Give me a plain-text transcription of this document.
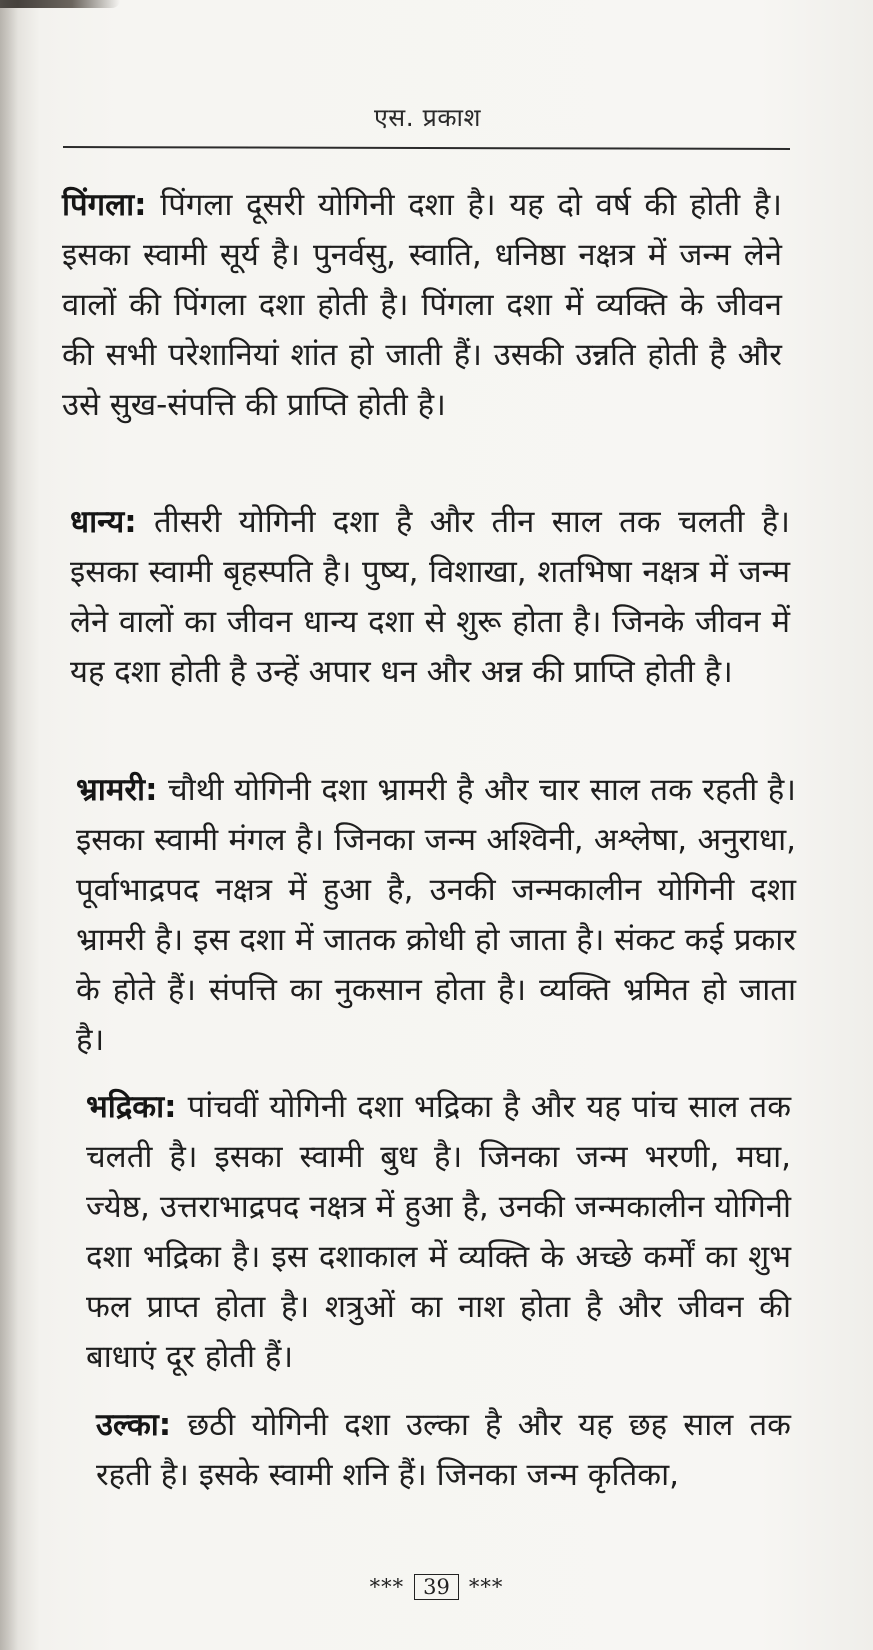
एस. प्रकाश

पिंगला: पिंगला दूसरी योगिनी दशा है। यह दो वर्ष की होती है। इसका स्वामी सूर्य है। पुनर्वसु, स्वाति, धनिष्ठा नक्षत्र में जन्म लेने वालों की पिंगला दशा होती है। पिंगला दशा में व्यक्ति के जीवन की सभी परेशानियां शांत हो जाती हैं। उसकी उन्नति होती है और उसे सुख-संपत्ति की प्राप्ति होती है।

धान्य: तीसरी योगिनी दशा है और तीन साल तक चलती है। इसका स्वामी बृहस्पति है। पुष्य, विशाखा, शतभिषा नक्षत्र में जन्म लेने वालों का जीवन धान्य दशा से शुरू होता है। जिनके जीवन में यह दशा होती है उन्हें अपार धन और अन्न की प्राप्ति होती है।

भ्रामरी: चौथी योगिनी दशा भ्रामरी है और चार साल तक रहती है। इसका स्वामी मंगल है। जिनका जन्म अश्विनी, अश्लेषा, अनुराधा, पूर्वाभाद्रपद नक्षत्र में हुआ है, उनकी जन्मकालीन योगिनी दशा भ्रामरी है। इस दशा में जातक क्रोधी हो जाता है। संकट कई प्रकार के होते हैं। संपत्ति का नुकसान होता है। व्यक्ति भ्रमित हो जाता है।

भद्रिका: पांचवीं योगिनी दशा भद्रिका है और यह पांच साल तक चलती है। इसका स्वामी बुध है। जिनका जन्म भरणी, मघा, ज्येष्ठ, उत्तराभाद्रपद नक्षत्र में हुआ है, उनकी जन्मकालीन योगिनी दशा भद्रिका है। इस दशाकाल में व्यक्ति के अच्छे कर्मों का शुभ फल प्राप्त होता है। शत्रुओं का नाश होता है और जीवन की बाधाएं दूर होती हैं।

उल्का: छठी योगिनी दशा उल्का है और यह छह साल तक रहती है। इसके स्वामी शनि हैं। जिनका जन्म कृतिका,

*** 39 ***
